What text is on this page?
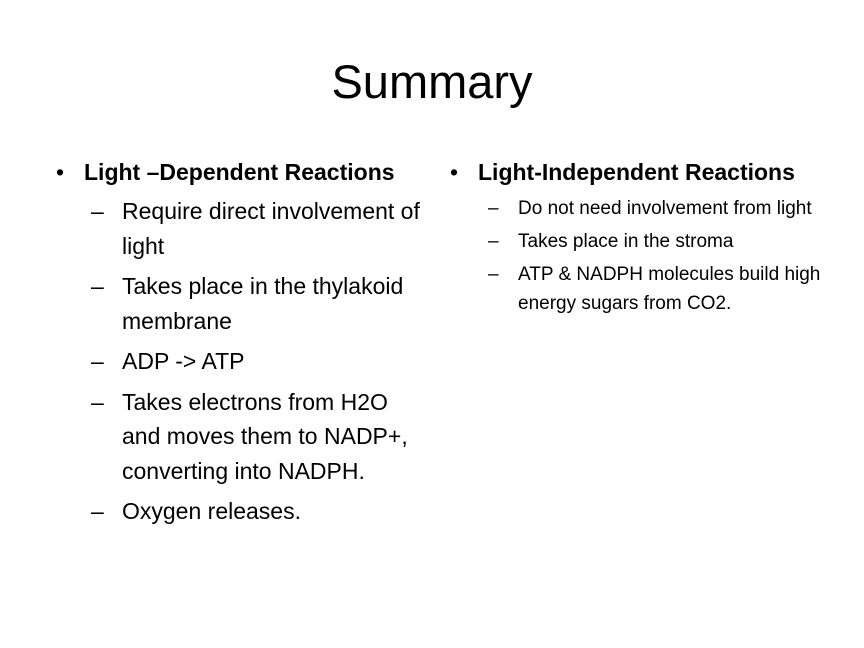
Summary
• Light –Dependent Reactions
– Require direct involvement of light
– Takes place in the thylakoid membrane
– ADP -> ATP
– Takes electrons from H2O and moves them to NADP+, converting into NADPH.
– Oxygen releases.
• Light-Independent Reactions
– Do not need involvement from light
– Takes place in the stroma
– ATP & NADPH molecules build high energy sugars from CO2.
